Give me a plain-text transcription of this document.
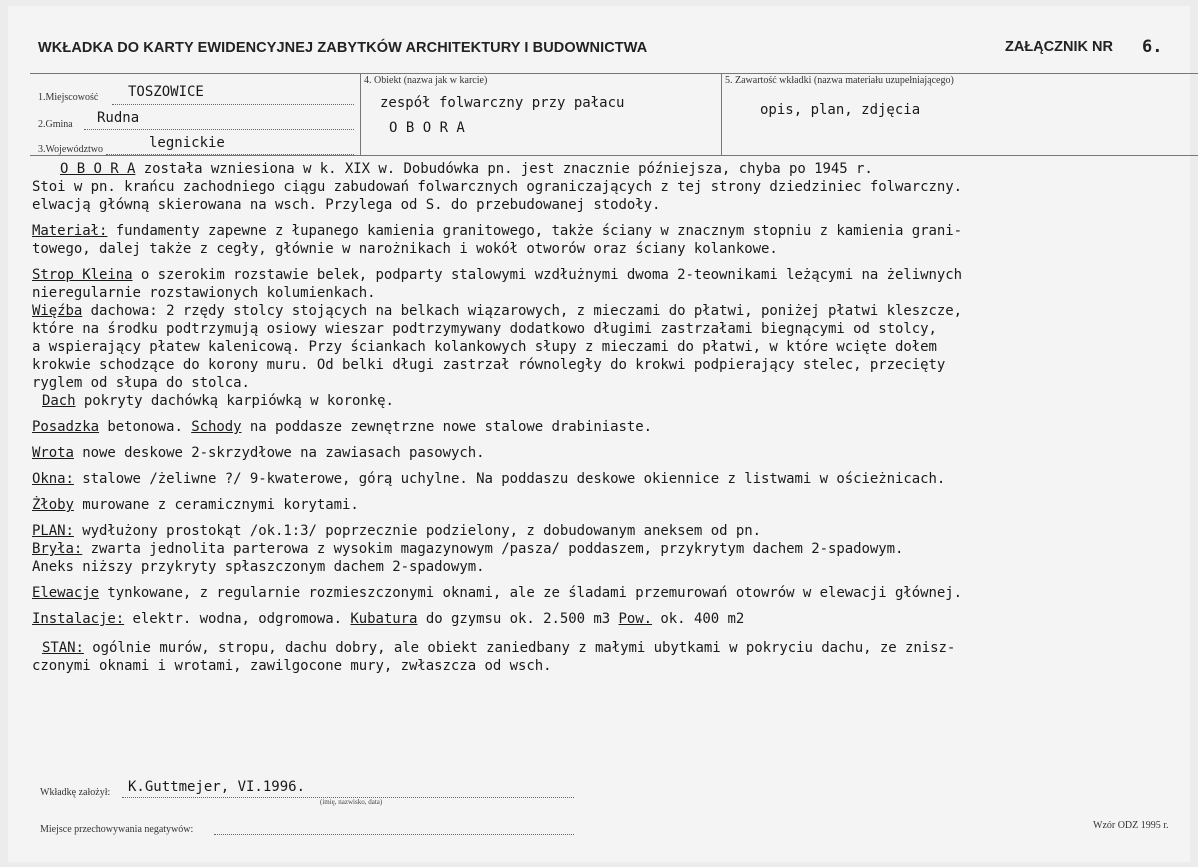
WKŁADKA DO KARTY EWIDENCYJNEJ ZABYTKÓW ARCHITEKTURY I BUDOWNICTWA	ZAŁĄCZNIK NR 6.
1.Miejscowość TOSZOWICE
2.Gmina Rudna
3.Województwo	legnickie
4. Obiekt (nazwa jak w karcie)
zespół folwarczny przy pałacu
O B O R A
5. Zawartość wkładki (nazwa materiału uzupełniającego)
opis, plan, zdjęcia
O B O R A została wzniesiona w k. XIX w. Dobudówka pn. jest znacznie późniejsza, chyba po 1945 r.
Stoi w pn. krańcu zachodniego ciągu zabudowań folwarcznych ograniczających z tej strony dziedziniec folwarczny.
elwacją główną skierowana na wsch. Przylega od S. do przebudowanej stodoły.
Materiał: fundamenty zapewne z łupanego kamienia granitowego, także ściany w znacznym stopniu z kamienia grani-
towego, dalej także z cegły, głównie w narożnikach i wokół otworów oraz ściany kolankowe.
Strop Kleina o szerokim rozstawie belek, podparty stalowymi wzdłużnymi dwoma 2-teownikami leżącymi na żeliwnych
nieregularnie rozstawionych kolumienkach.
Więźba dachowa: 2 rzędy stolcy stojących na belkach wiązarowych, z mieczami do płatwi, poniżej płatwi kleszcze,
które na środku podtrzymują osiowy wieszar podtrzymywany dodatkowo długimi zastrzałami biegnącymi od stolcy,
a wspierający płatew kalenicową. Przy ściankach kolankowych słupy z mieczami do płatwi, w które wcięte dołem
krokwie schodzące do korony muru. Od belki długi zastrzał równoległy do krokwi podpierający stelec, przecięty
ryglem od słupa do stolca.
Dach pokryty dachówką karpiówką w koronkę.
Posadzka betonowa. Schody na poddasze zewnętrzne nowe stalowe drabiniaste.
Wrota nowe deskowe 2-skrzydłowe na zawiasach pasowych.
Okna: stalowe /żeliwne ?/ 9-kwaterowe, górą uchylne. Na poddaszu deskowe okiennice z listwami w ościeżnicach.
Żłoby murowane z ceramicznymi korytami.
PLAN: wydłużony prostokąt /ok.1:3/ poprzecznie podzielony, z dobudowanym aneksem od pn.
Bryła: zwarta jednolita parterowa z wysokim magazynowym /pasza/ poddaszem, przykrytym dachem 2-spadowym.
Aneks niższy przykryty spłaszczonym dachem 2-spadowym.
Elewacje tynkowane, z regularnie rozmieszczonymi oknami, ale ze śladami przemurowań otowrów w elewacji głównej.
Instalacje: elektr. wodna, odgromowa. Kubatura do gzymsu ok. 2.500 m3 Pow. ok. 400 m2
STAN: ogólnie murów, stropu, dachu dobry, ale obiekt zaniedbany z małymi ubytkami w pokryciu dachu, ze znisz-
czonymi oknami i wrotami, zawilgocone mury, zwłaszcza od wsch.
Wkładkę założył: K.Guttmejer, VI.1996.
(imię, nazwisko, data)
Miejsce przechowywania negatywów:	Wzór ODZ 1995 r.
